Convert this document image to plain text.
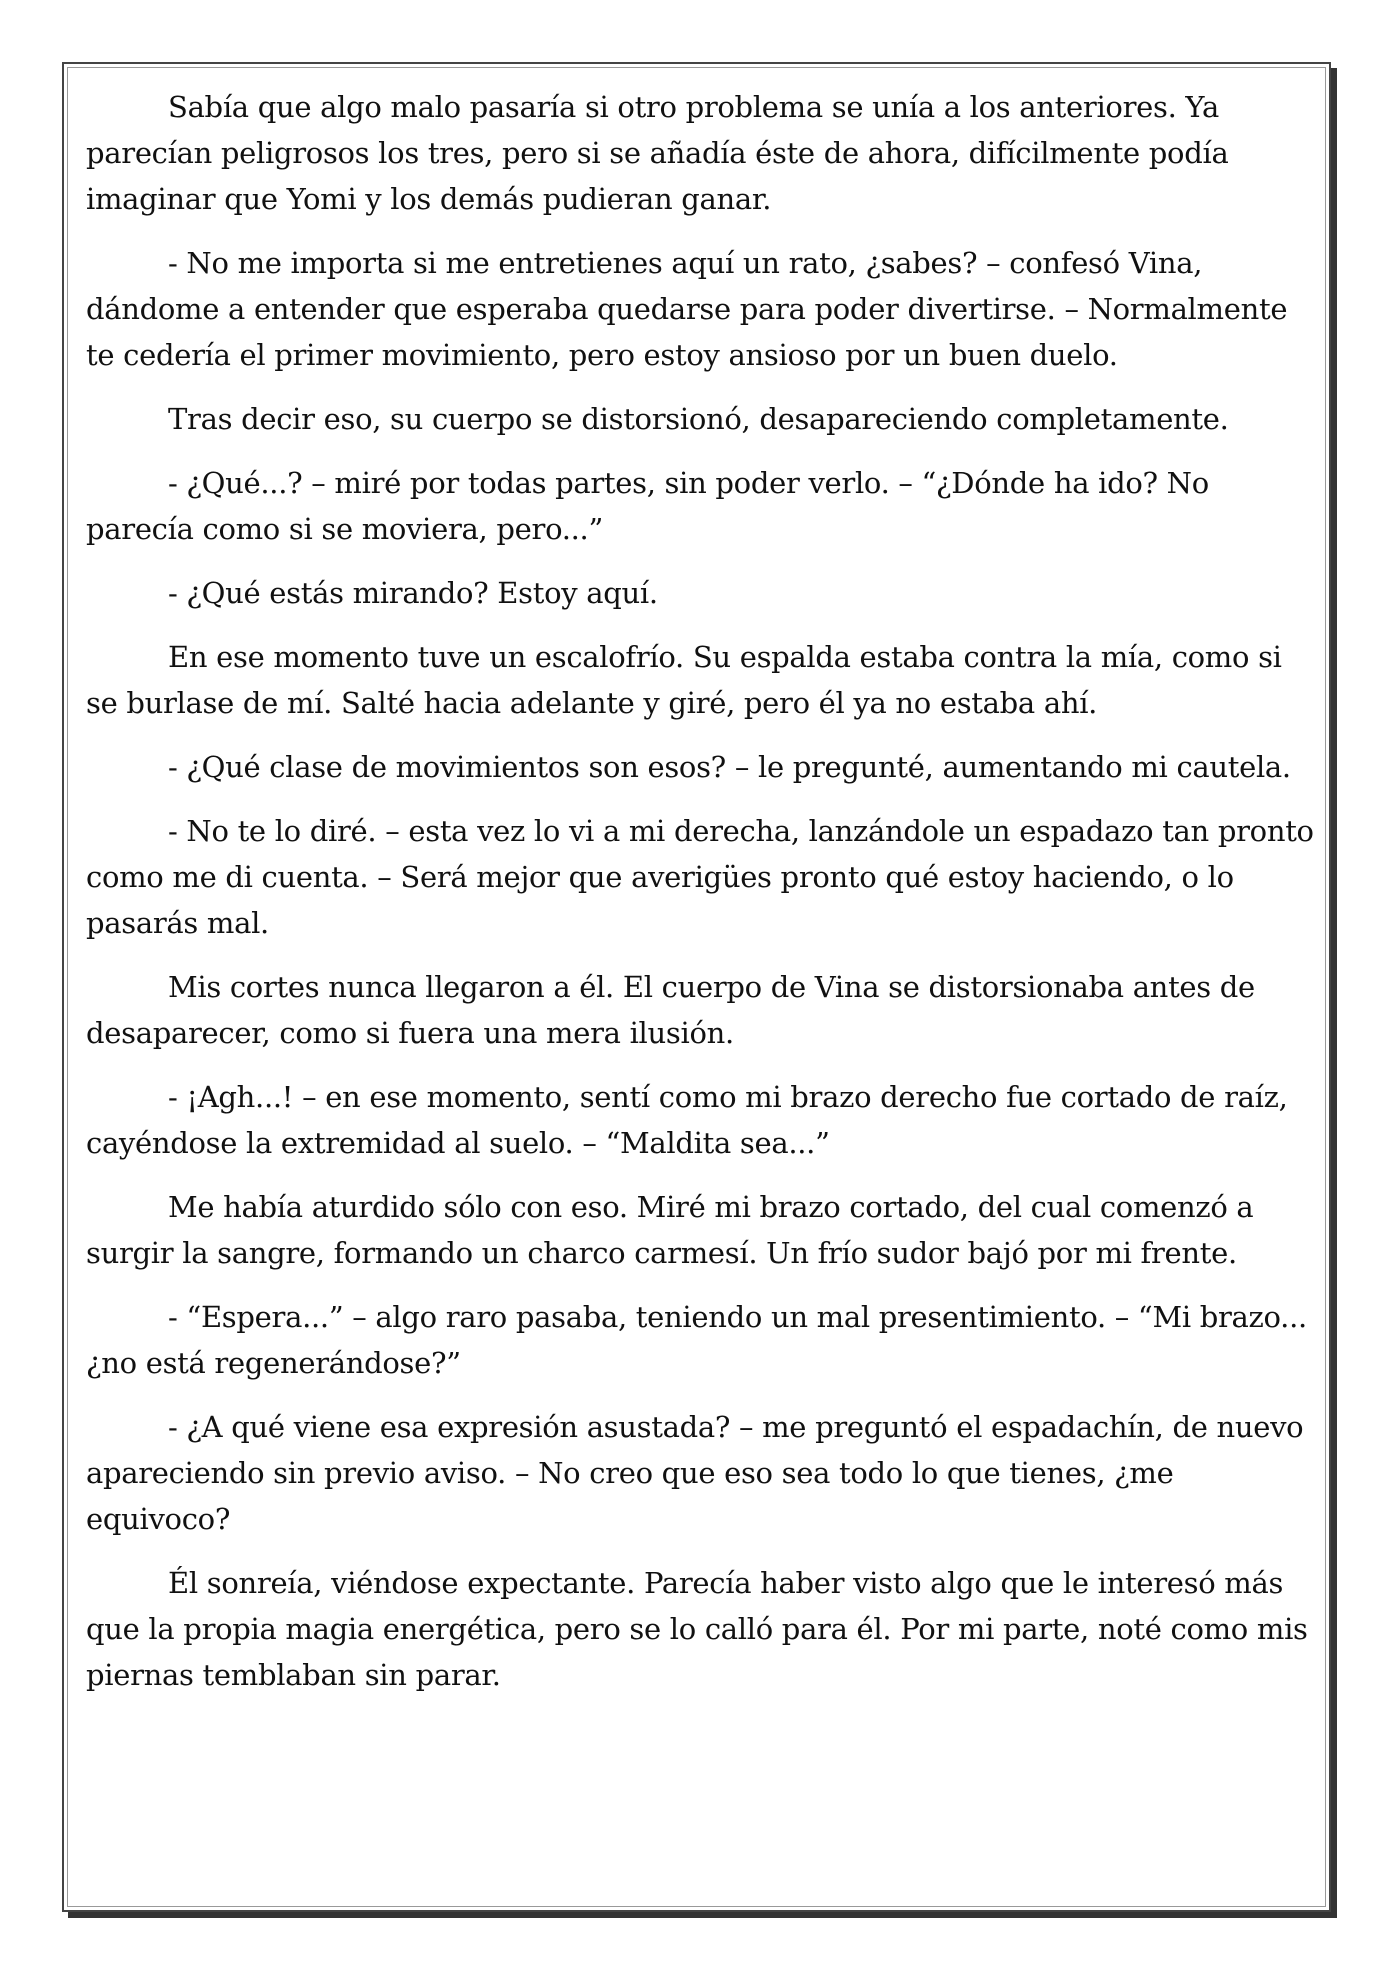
Sabía que algo malo pasaría si otro problema se unía a los anteriores. Ya parecían peligrosos los tres, pero si se añadía éste de ahora, difícilmente podía imaginar que Yomi y los demás pudieran ganar.

- No me importa si me entretienes aquí un rato, ¿sabes? – confesó Vina, dándome a entender que esperaba quedarse para poder divertirse. – Normalmente te cedería el primer movimiento, pero estoy ansioso por un buen duelo.

Tras decir eso, su cuerpo se distorsionó, desapareciendo completamente.

- ¿Qué...? – miré por todas partes, sin poder verlo. – “¿Dónde ha ido? No parecía como si se moviera, pero...”

- ¿Qué estás mirando? Estoy aquí.

En ese momento tuve un escalofrío. Su espalda estaba contra la mía, como si se burlase de mí. Salté hacia adelante y giré, pero él ya no estaba ahí.

- ¿Qué clase de movimientos son esos? – le pregunté, aumentando mi cautela.

- No te lo diré. – esta vez lo vi a mi derecha, lanzándole un espadazo tan pronto como me di cuenta. – Será mejor que averigües pronto qué estoy haciendo, o lo pasarás mal.

Mis cortes nunca llegaron a él. El cuerpo de Vina se distorsionaba antes de desaparecer, como si fuera una mera ilusión.

- ¡Agh...! – en ese momento, sentí como mi brazo derecho fue cortado de raíz, cayéndose la extremidad al suelo. – “Maldita sea...”

Me había aturdido sólo con eso. Miré mi brazo cortado, del cual comenzó a surgir la sangre, formando un charco carmesí. Un frío sudor bajó por mi frente.

- “Espera...” – algo raro pasaba, teniendo un mal presentimiento. – “Mi brazo... ¿no está regenerándose?”

- ¿A qué viene esa expresión asustada? – me preguntó el espadachín, de nuevo apareciendo sin previo aviso. – No creo que eso sea todo lo que tienes, ¿me equivoco?

Él sonreía, viéndose expectante. Parecía haber visto algo que le interesó más que la propia magia energética, pero se lo calló para él. Por mi parte, noté como mis piernas temblaban sin parar.
